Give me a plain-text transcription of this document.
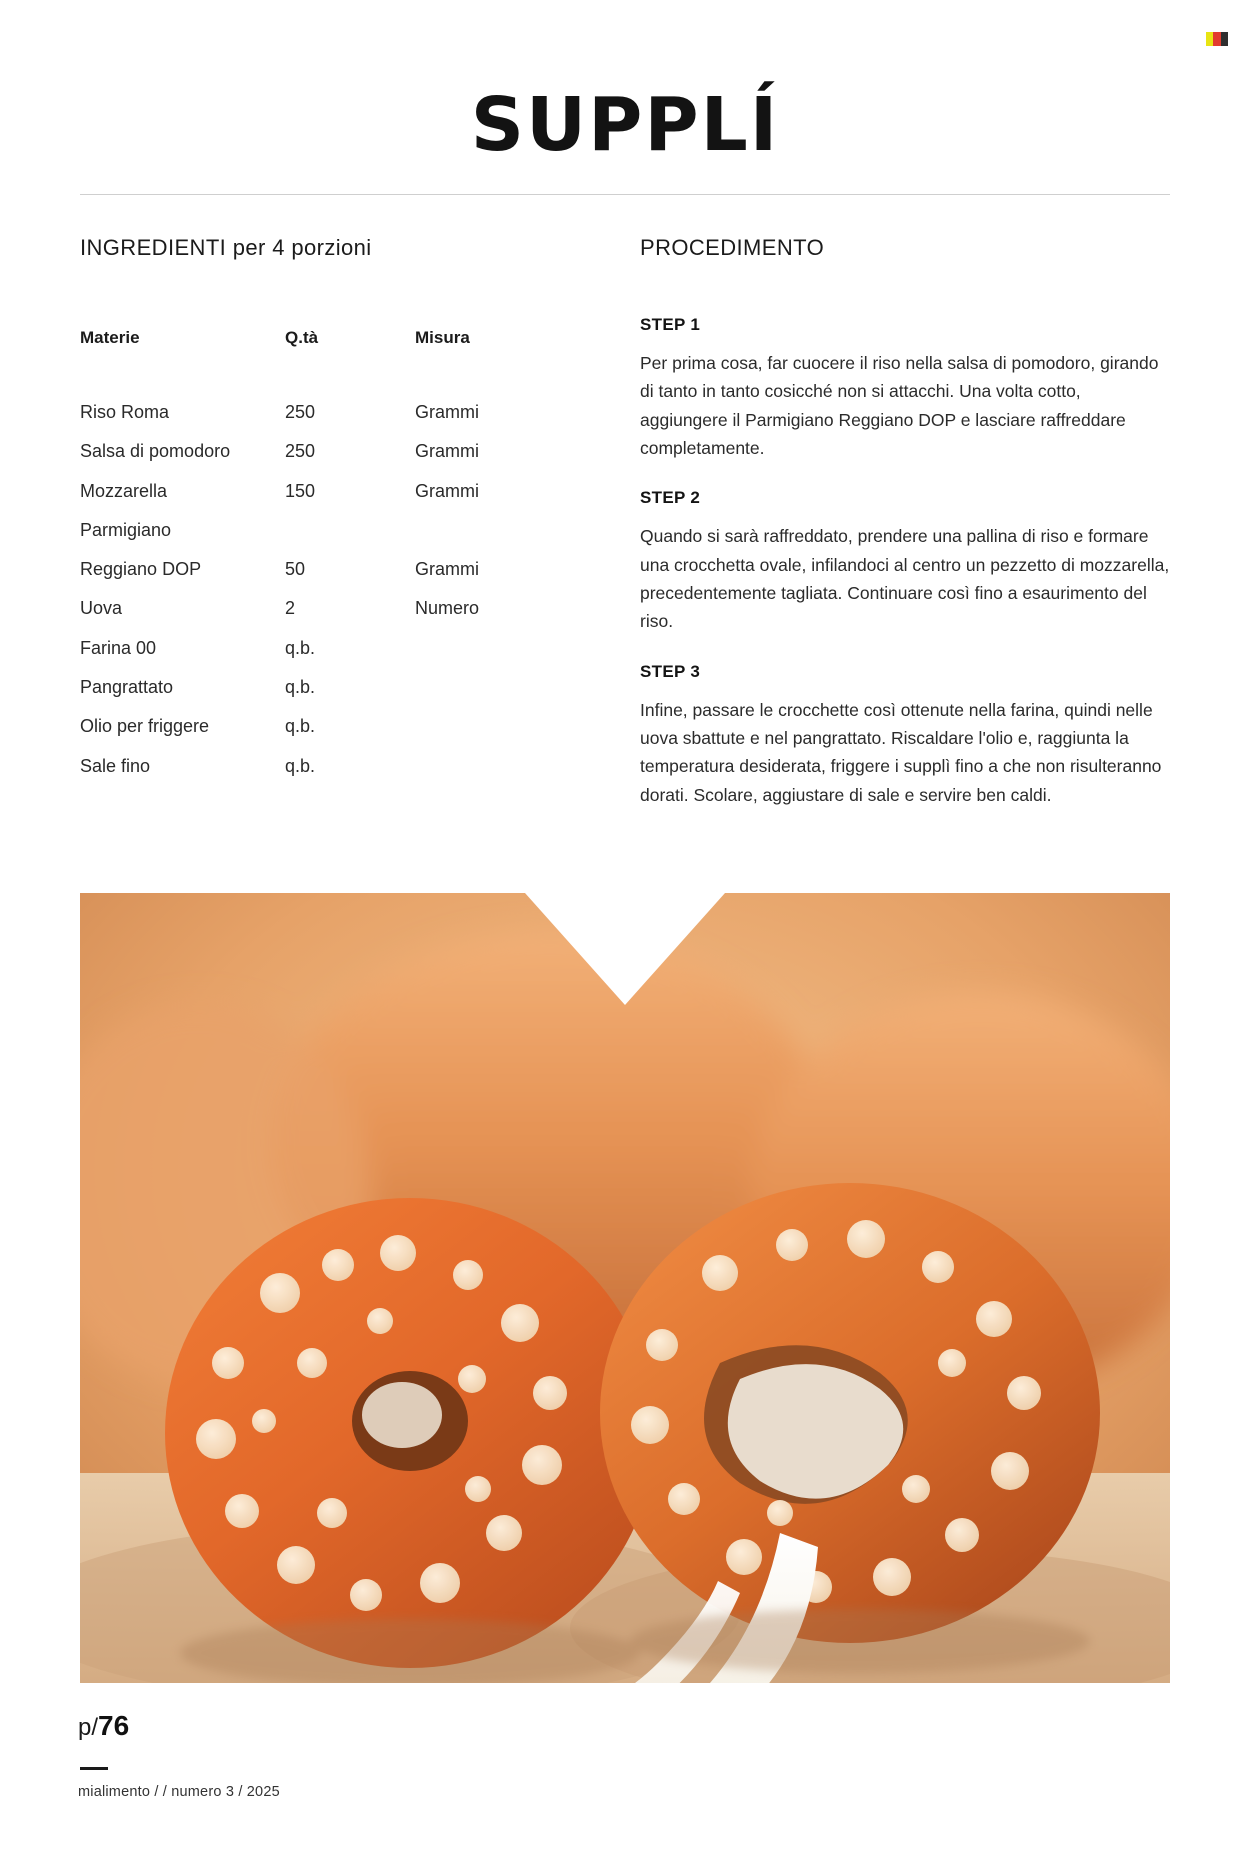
SUPPLÍ
INGREDIENTI per 4 porzioni	PROCEDIMENTO
Materie	Q.tà	Misura
Riso Roma	250	Grammi
Salsa di pomodoro	250	Grammi
Mozzarella	150	Grammi
Parmigiano		
Reggiano DOP	50	Grammi
Uova	2	Numero
Farina 00	q.b.	
Pangrattato	q.b.	
Olio per friggere	q.b.	
Sale fino	q.b.	

STEP 1

Per prima cosa, far cuocere il riso nella salsa di pomodoro, girando di tanto in tanto cosicché non si attacchi. Una volta cotto, aggiungere il Parmigiano Reggiano DOP e lasciare raffreddare completamente.

STEP 2

Quando si sarà raffreddato, prendere una pallina di riso e formare una crocchetta ovale, infilandoci al centro un pezzetto di mozzarella, precedentemente tagliata. Continuare così fino a esaurimento del riso.

STEP 3

Infine, passare le crocchette così ottenute nella farina, quindi nelle uova sbattute e nel pangrattato. Riscaldare l'olio e, raggiunta la temperatura desiderata, friggere i supplì fino a che non risulteranno dorati. Scolare, aggiustare di sale e servire ben caldi.

p/76
mialimento / / numero 3 / 2025
